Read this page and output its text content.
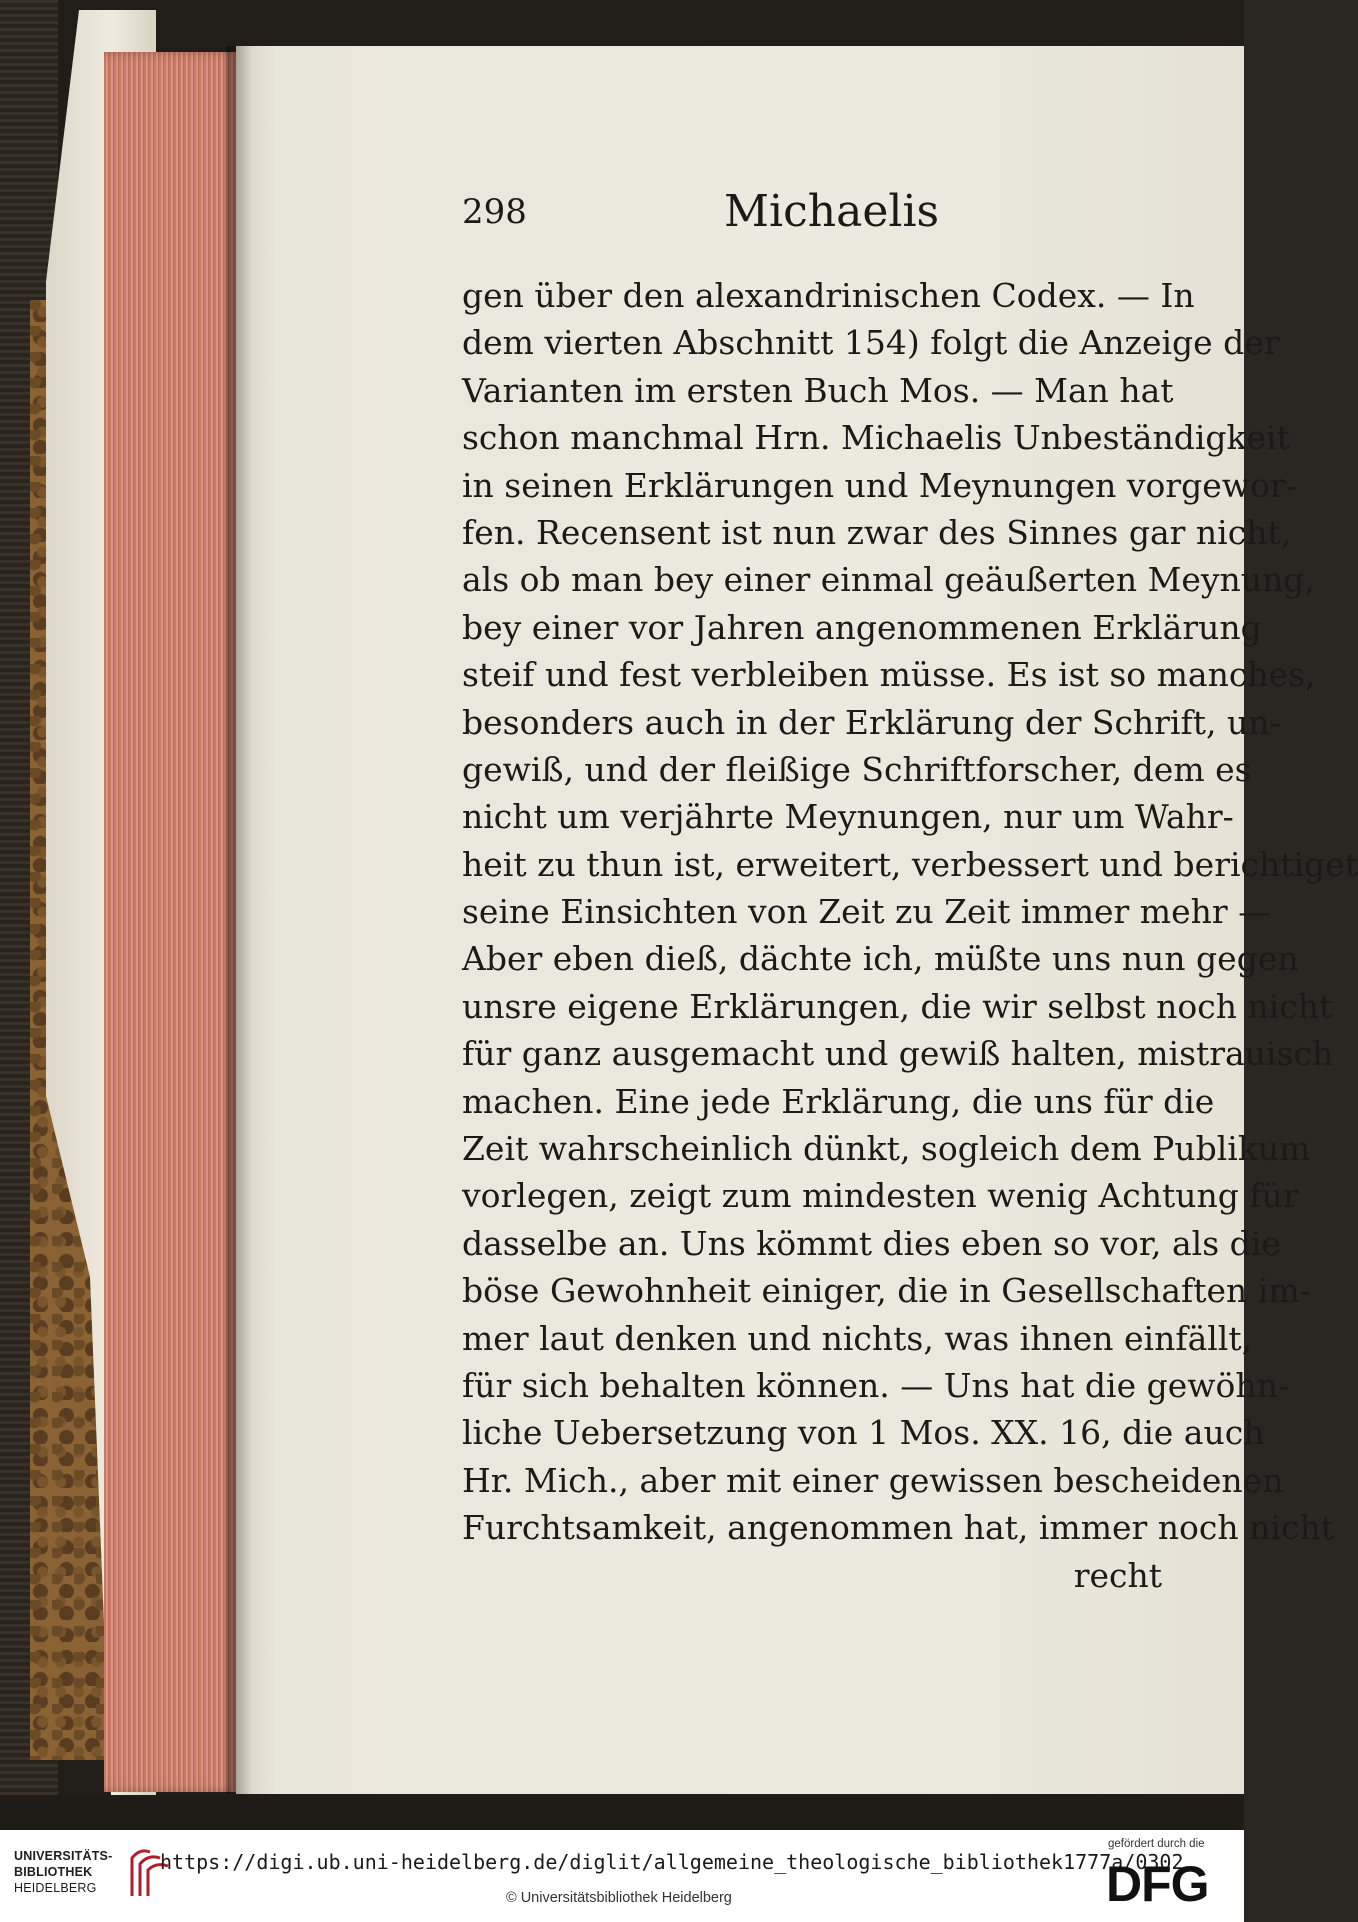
298	Michaelis
gen über den alexandrinischen Codex. — In
dem vierten Abschnitt 154) folgt die Anzeige der
Varianten im ersten Buch Mos. — Man hat
schon manchmal Hrn. Michaelis Unbeständigkeit
in seinen Erklärungen und Meynungen vorgewor-
fen. Recensent ist nun zwar des Sinnes gar nicht,
als ob man bey einer einmal geäußerten Meynung,
bey einer vor Jahren angenommenen Erklärung
steif und fest verbleiben müsse. Es ist so manches,
besonders auch in der Erklärung der Schrift, un-
gewiß, und der fleißige Schriftforscher, dem es
nicht um verjährte Meynungen, nur um Wahr-
heit zu thun ist, erweitert, verbessert und berichtiget
seine Einsichten von Zeit zu Zeit immer mehr —
Aber eben dieß, dächte ich, müßte uns nun gegen
unsre eigene Erklärungen, die wir selbst noch nicht
für ganz ausgemacht und gewiß halten, mistrauisch
machen. Eine jede Erklärung, die uns für die
Zeit wahrscheinlich dünkt, sogleich dem Publikum
vorlegen, zeigt zum mindesten wenig Achtung für
dasselbe an. Uns kömmt dies eben so vor, als die
böse Gewohnheit einiger, die in Gesellschaften im-
mer laut denken und nichts, was ihnen einfällt,
für sich behalten können. — Uns hat die gewöhn-
liche Uebersetzung von 1 Mos. XX. 16, die auch
Hr. Mich., aber mit einer gewissen bescheidenen
Furchtsamkeit, angenommen hat, immer noch nicht
recht
UNIVERSITÄTS-
BIBLIOTHEK
HEIDELBERG
https://digi.ub.uni-heidelberg.de/diglit/allgemeine_theologische_bibliothek1777a/0302
© Universitätsbibliothek Heidelberg
gefördert durch die
DFG
